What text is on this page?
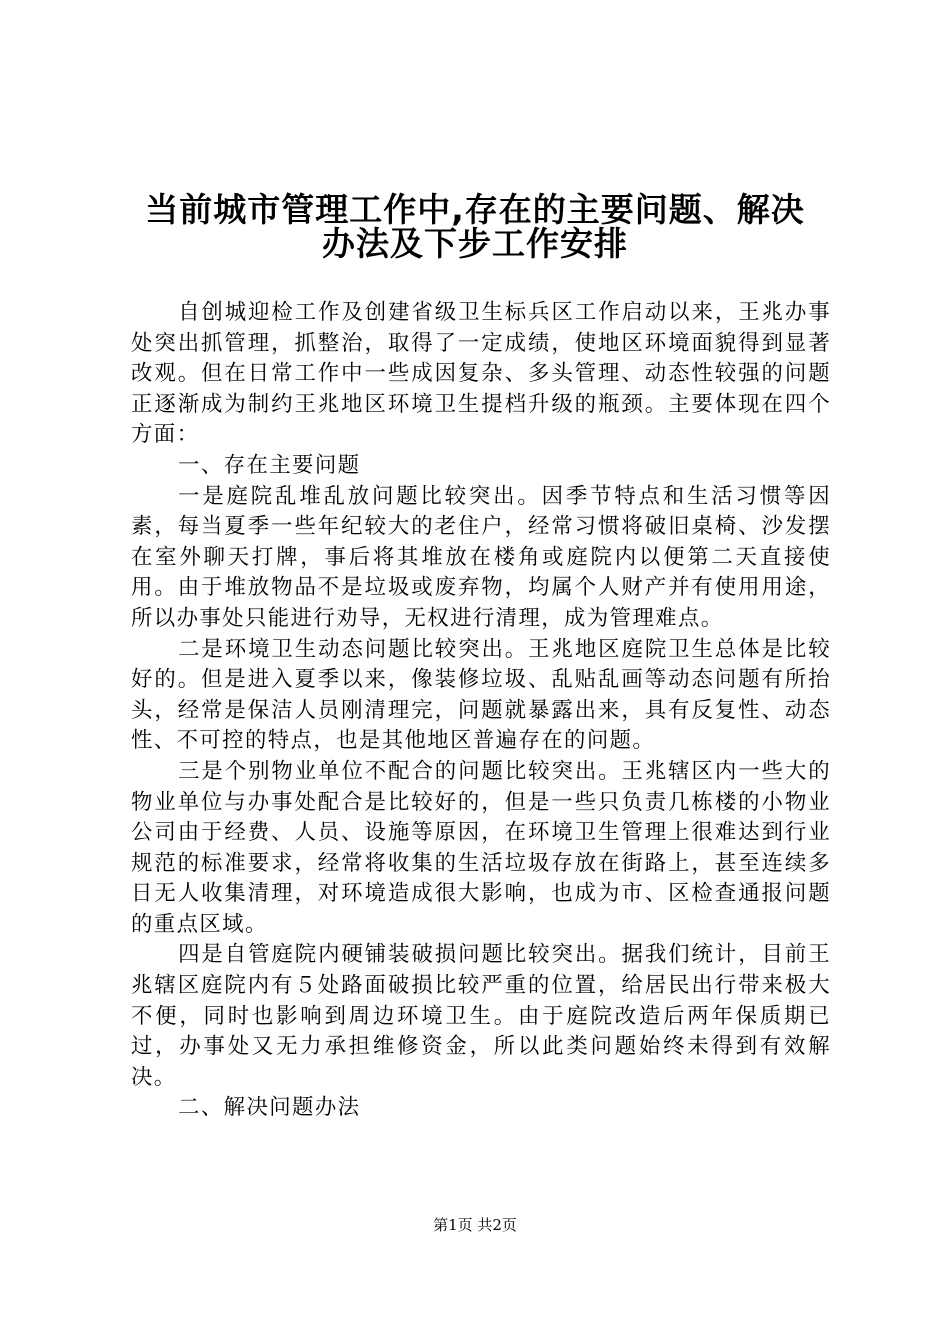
当前城市管理工作中,存在的主要问题、解决
办法及下步工作安排

自创城迎检工作及创建省级卫生标兵区工作启动以来，王兆办事处突出抓管理，抓整治，取得了一定成绩，使地区环境面貌得到显著改观。但在日常工作中一些成因复杂、多头管理、动态性较强的问题正逐渐成为制约王兆地区环境卫生提档升级的瓶颈。主要体现在四个方面：

一、存在主要问题

一是庭院乱堆乱放问题比较突出。因季节特点和生活习惯等因素，每当夏季一些年纪较大的老住户，经常习惯将破旧桌椅、沙发摆在室外聊天打牌，事后将其堆放在楼角或庭院内以便第二天直接使用。由于堆放物品不是垃圾或废弃物，均属个人财产并有使用用途，所以办事处只能进行劝导，无权进行清理，成为管理难点。

二是环境卫生动态问题比较突出。王兆地区庭院卫生总体是比较好的。但是进入夏季以来，像装修垃圾、乱贴乱画等动态问题有所抬头，经常是保洁人员刚清理完，问题就暴露出来，具有反复性、动态性、不可控的特点，也是其他地区普遍存在的问题。

三是个别物业单位不配合的问题比较突出。王兆辖区内一些大的物业单位与办事处配合是比较好的，但是一些只负责几栋楼的小物业公司由于经费、人员、设施等原因，在环境卫生管理上很难达到行业规范的标准要求，经常将收集的生活垃圾存放在街路上，甚至连续多日无人收集清理，对环境造成很大影响，也成为市、区检查通报问题的重点区域。

四是自管庭院内硬铺装破损问题比较突出。据我们统计，目前王兆辖区庭院内有５处路面破损比较严重的位置，给居民出行带来极大不便，同时也影响到周边环境卫生。由于庭院改造后两年保质期已过，办事处又无力承担维修资金，所以此类问题始终未得到有效解决。

二、解决问题办法

第1页 共2页
